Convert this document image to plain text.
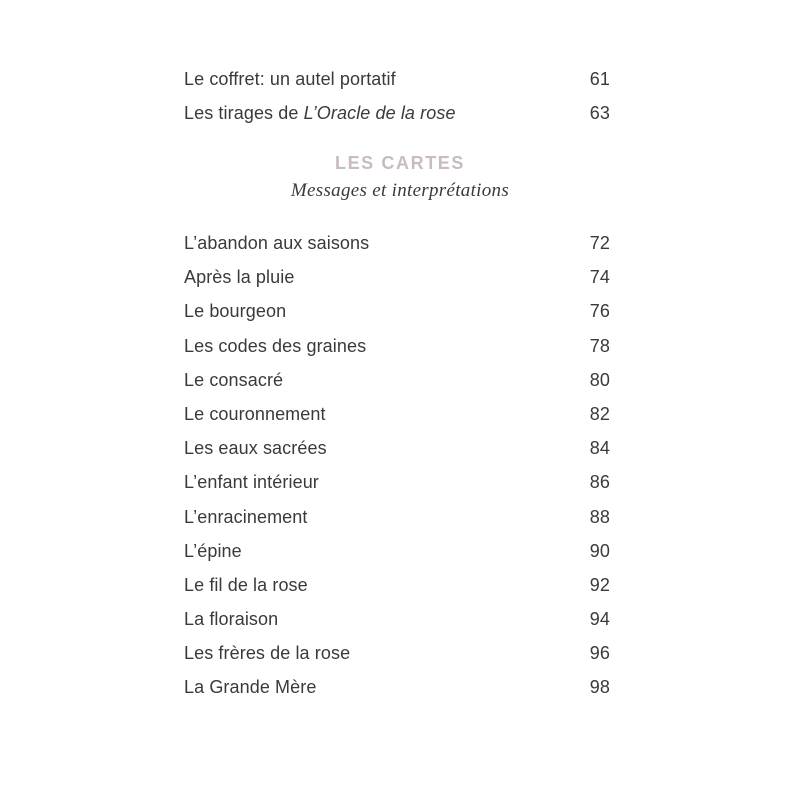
Le coffret: un autel portatif	61
Les tirages de L’Oracle de la rose	63
LES CARTES
Messages et interprétations
L’abandon aux saisons	72
Après la pluie	74
Le bourgeon	76
Les codes des graines	78
Le consacré	80
Le couronnement	82
Les eaux sacrées	84
L’enfant intérieur	86
L’enracinement	88
L’épine	90
Le fil de la rose	92
La floraison	94
Les frères de la rose	96
La Grande Mère	98
